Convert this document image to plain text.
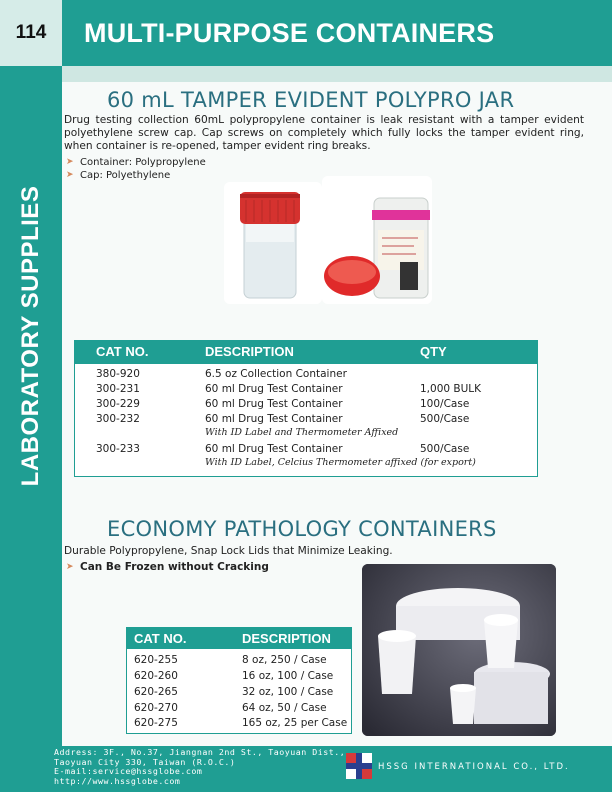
114	MULTI-PURPOSE CONTAINERS
LABORATORY SUPPLIES
60 mL TAMPER EVIDENT POLYPRO JAR
Drug testing collection 60mL polypropylene container is leak resistant with a tamper evident polyethylene screw cap. Cap screws on completely which fully locks the tamper evident ring, when container is re-opened, tamper evident ring breaks.
➤ Container: Polypropylene
➤ Cap: Polyethylene
CAT NO.	DESCRIPTION	QTY
380-920	6.5 oz Collection Container
300-231	60 ml Drug Test Container	1,000 BULK
300-229	60 ml Drug Test Container	100/Case
300-232	60 ml Drug Test Container	500/Case
With ID Label and Thermometer Affixed
300-233	60 ml Drug Test Container	500/Case
With ID Label, Celcius Thermometer affixed (for export)
ECONOMY PATHOLOGY CONTAINERS
Durable Polypropylene, Snap Lock Lids that Minimize Leaking.
➤ Can Be Frozen without Cracking
CAT NO.	DESCRIPTION
620-255	8 oz, 250 / Case
620-260	16 oz, 100 / Case
620-265	32 oz, 100 / Case
620-270	64 oz, 50 / Case
620-275	165 oz, 25 per Case
Address: 3F., No.37, Jiangnan 2nd St., Taoyuan Dist.,
Taoyuan City 330, Taiwan (R.O.C.)
E-mail:service@hssglobe.com
http://www.hssglobe.com
HSSG INTERNATIONAL CO., LTD.
